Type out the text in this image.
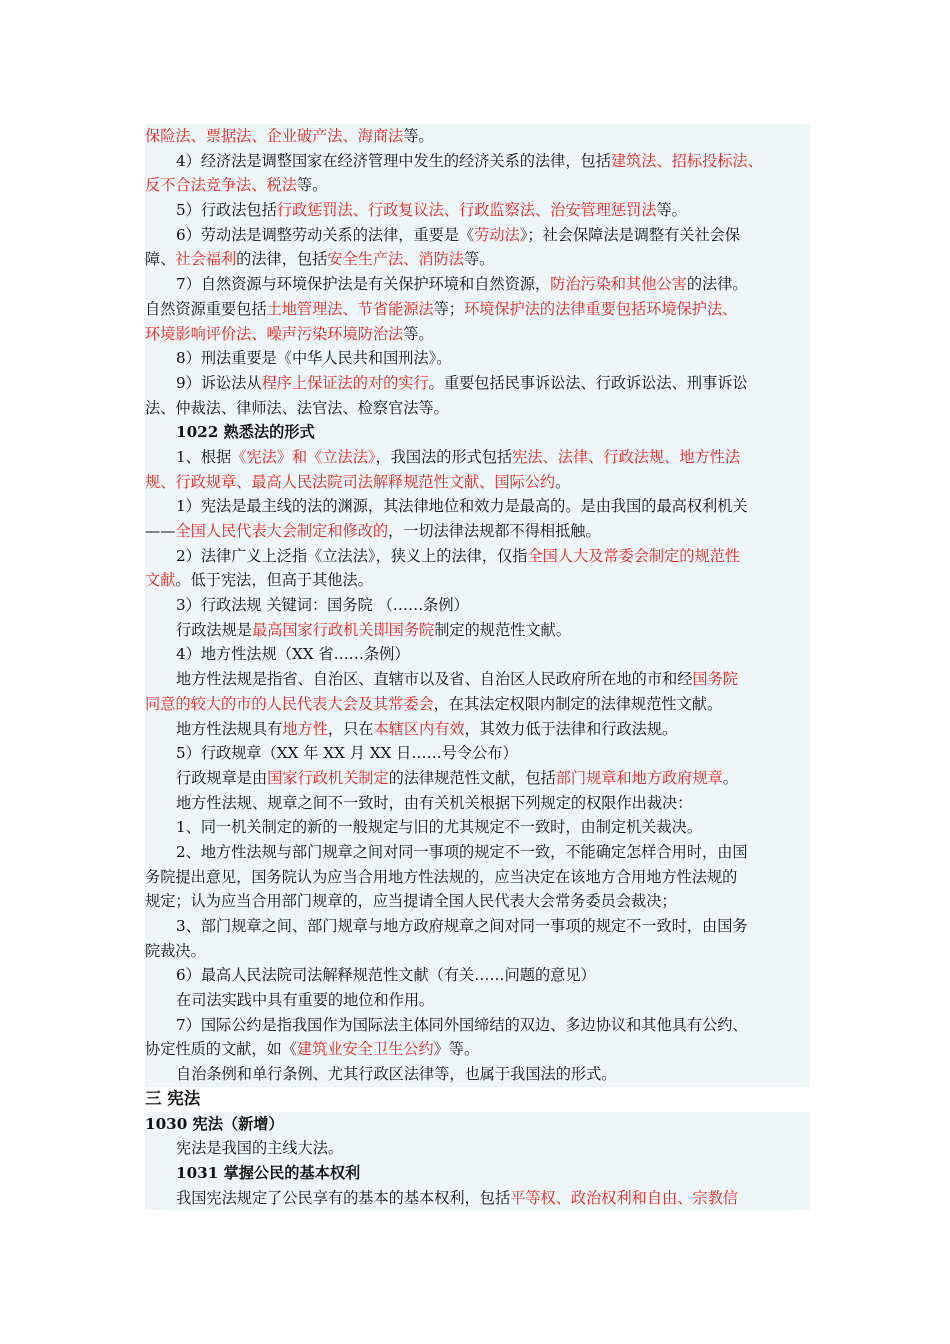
保险法、票据法、企业破产法、海商法等。
4）经济法是调整国家在经济管理中发生的经济关系的法律，包括建筑法、招标投标法、
反不合法竞争法、税法等。
5）行政法包括行政惩罚法、行政复议法、行政监察法、治安管理惩罚法等。
6）劳动法是调整劳动关系的法律，重要是《劳动法》；社会保障法是调整有关社会保
障、社会福利的法律，包括安全生产法、消防法等。
7）自然资源与环境保护法是有关保护环境和自然资源，防治污染和其他公害的法律。
自然资源重要包括土地管理法、节省能源法等；环境保护法的法律重要包括环境保护法、
环境影响评价法、噪声污染环境防治法等。
8）刑法重要是《中华人民共和国刑法》。
9）诉讼法从程序上保证法的对的实行。重要包括民事诉讼法、行政诉讼法、刑事诉讼
法、仲裁法、律师法、法官法、检察官法等。
1022 熟悉法的形式
1、根据《宪法》和《立法法》，我国法的形式包括宪法、法律、行政法规、地方性法
规、行政规章、最高人民法院司法解释规范性文献、国际公约。
1）宪法是最主线的法的渊源，其法律地位和效力是最高的。是由我国的最高权利机关
——全国人民代表大会制定和修改的，一切法律法规都不得相抵触。
2）法律广义上泛指《立法法》，狭义上的法律，仅指全国人大及常委会制定的规范性
文献。低于宪法，但高于其他法。
3）行政法规 关键词：国务院 （……条例）
行政法规是最高国家行政机关即国务院制定的规范性文献。
4）地方性法规（XX 省……条例）
地方性法规是指省、自治区、直辖市以及省、自治区人民政府所在地的市和经国务院
同意的较大的市的人民代表大会及其常委会，在其法定权限内制定的法律规范性文献。
地方性法规具有地方性，只在本辖区内有效，其效力低于法律和行政法规。
5）行政规章（XX 年 XX 月 XX 日……号令公布）
行政规章是由国家行政机关制定的法律规范性文献，包括部门规章和地方政府规章。
地方性法规、规章之间不一致时，由有关机关根据下列规定的权限作出裁决：
1、同一机关制定的新的一般规定与旧的尤其规定不一致时，由制定机关裁决。
2、地方性法规与部门规章之间对同一事项的规定不一致，不能确定怎样合用时，由国
务院提出意见，国务院认为应当合用地方性法规的，应当决定在该地方合用地方性法规的
规定；认为应当合用部门规章的，应当提请全国人民代表大会常务委员会裁决；
3、部门规章之间、部门规章与地方政府规章之间对同一事项的规定不一致时，由国务
院裁决。
6）最高人民法院司法解释规范性文献（有关……问题的意见）
在司法实践中具有重要的地位和作用。
7）国际公约是指我国作为国际法主体同外国缔结的双边、多边协议和其他具有公约、
协定性质的文献，如《建筑业安全卫生公约》等。
自治条例和单行条例、尤其行政区法律等，也属于我国法的形式。
三 宪法
1030 宪法（新增）
宪法是我国的主线大法。
1031 掌握公民的基本权利
我国宪法规定了公民享有的基本的基本权利，包括平等权、政治权利和自由、宗教信
